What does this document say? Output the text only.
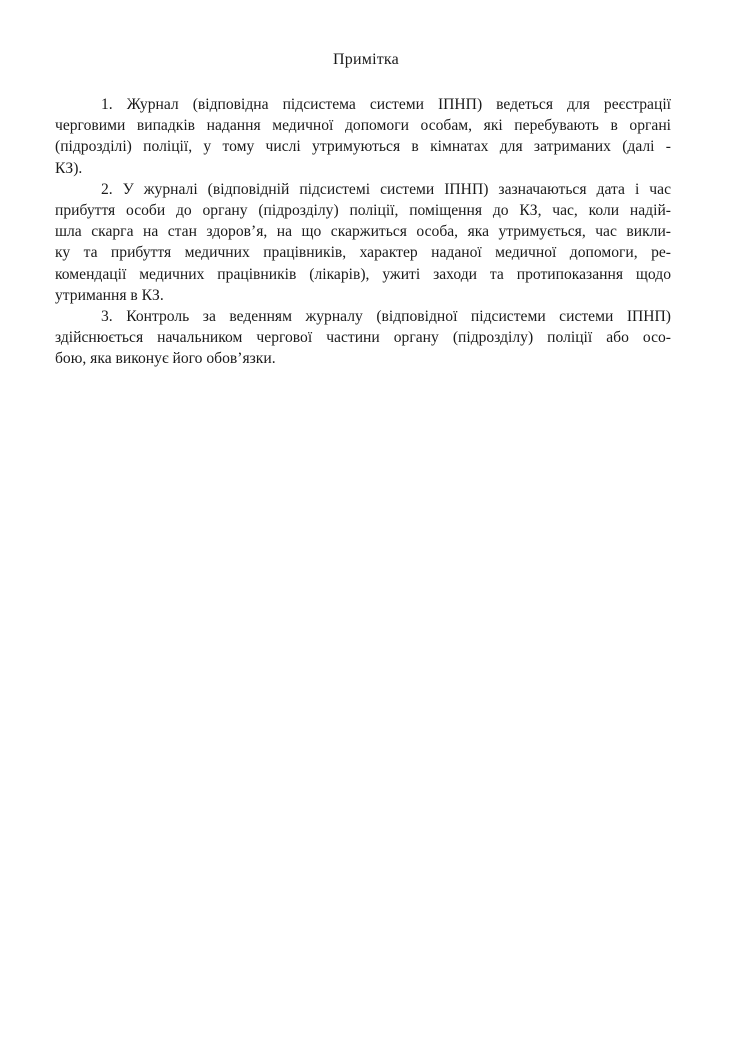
Примітка

1. Журнал (відповідна підсистема системи ІПНП) ведеться для реєстрації
черговими випадків надання медичної допомоги особам, які перебувають в органі
(підрозділі) поліції, у тому числі утримуються в кімнатах для затриманих (далі -
КЗ).

2. У журналі (відповідній підсистемі системи ІПНП) зазначаються дата і час
прибуття особи до органу (підрозділу) поліції, поміщення до КЗ, час, коли надій-
шла скарга на стан здоров’я, на що скаржиться особа, яка утримується, час викли-
ку та прибуття медичних працівників, характер наданої медичної допомоги, ре-
комендації медичних працівників (лікарів), ужиті заходи та протипоказання щодо
утримання в КЗ.

3. Контроль за веденням журналу (відповідної підсистеми системи ІПНП)
здійснюється начальником чергової частини органу (підрозділу) поліції або осо-
бою, яка виконує його обов’язки.
